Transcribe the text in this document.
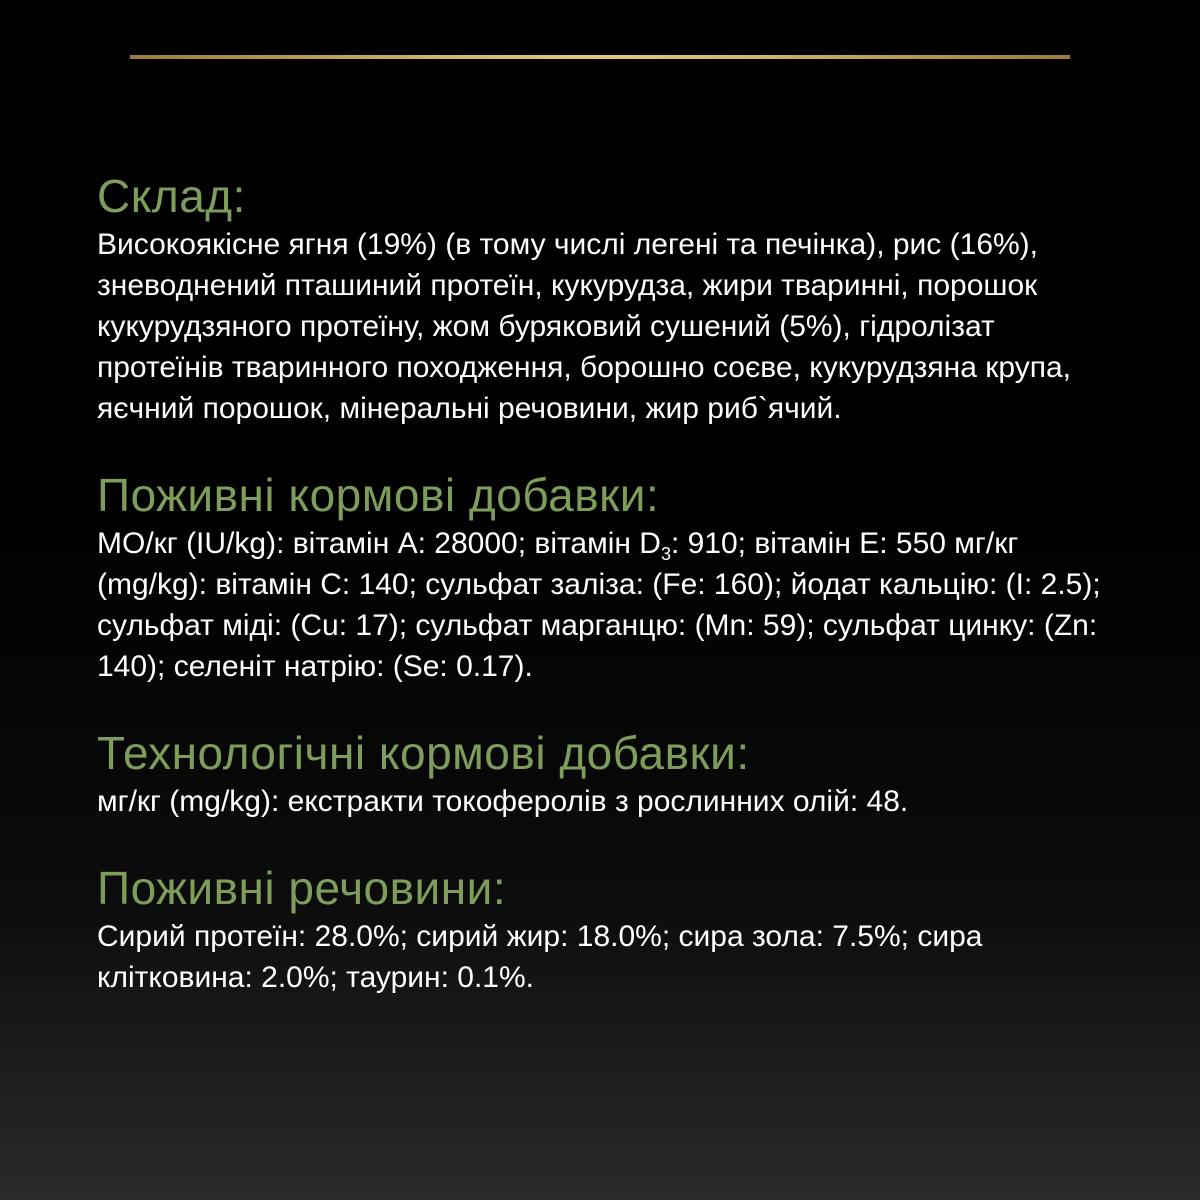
Склад:

Високоякісне ягня (19%) (в тому числі легені та печінка), рис (16%), зневоднений пташиний протеїн, кукурудза, жири тваринні, порошок кукурудзяного протеїну, жом буряковий сушений (5%), гідролізат протеїнів тваринного походження, борошно соєве, кукурудзяна крупа, яєчний порошок, мінеральні речовини, жир риб`ячий.

Поживні кормові добавки:

МО/кг (IU/kg): вітамін А: 28000; вітамін $D_3$: 910; вітамін Е: 550 мг/кг (mg/kg): вітамін С: 140; сульфат заліза: (Fe: 160); йодат кальцію: (I: 2.5); сульфат міді: (Cu: 17); сульфат марганцю: (Mn: 59); сульфат цинку: (Zn: 140); селеніт натрію: (Se: 0.17).

Технологічні кормові добавки:

мг/кг (mg/kg): екстракти токоферолів з рослинних олій: 48.

Поживні речовини:

Сирий протеїн: 28.0%; сирий жир: 18.0%; сира зола: 7.5%; сира клітковина: 2.0%; таурин: 0.1%.
